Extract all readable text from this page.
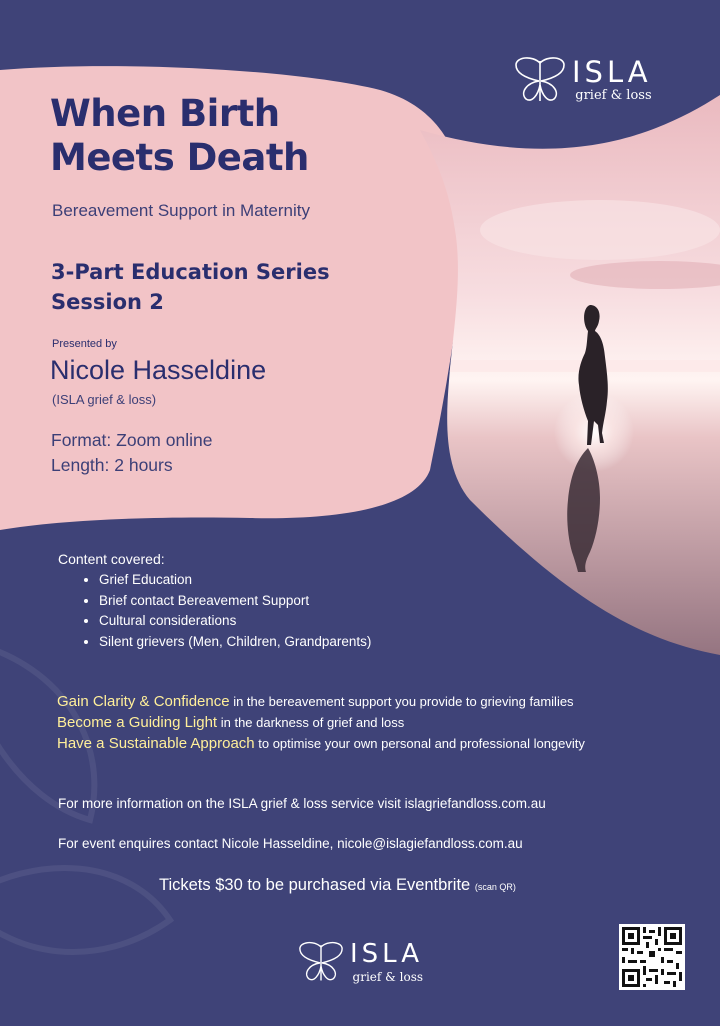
ISLA
grief & loss
When Birth
Meets Death
Bereavement Support in Maternity
3-Part Education Series
Session 2
Presented by
Nicole Hasseldine
(ISLA grief & loss)
Format: Zoom online
Length: 2 hours
Content covered:
• Grief Education
• Brief contact Bereavement Support
• Cultural considerations
• Silent grievers (Men, Children, Grandparents)
Gain Clarity & Confidence in the bereavement support you provide to grieving families
Become a Guiding Light in the darkness of grief and loss
Have a Sustainable Approach to optimise your own personal and professional longevity
For more information on the ISLA grief & loss service visit islagriefandloss.com.au
For event enquires contact Nicole Hasseldine, nicole@islagiefandloss.com.au
Tickets $30 to be purchased via Eventbrite (scan QR)
ISLA
grief & loss
